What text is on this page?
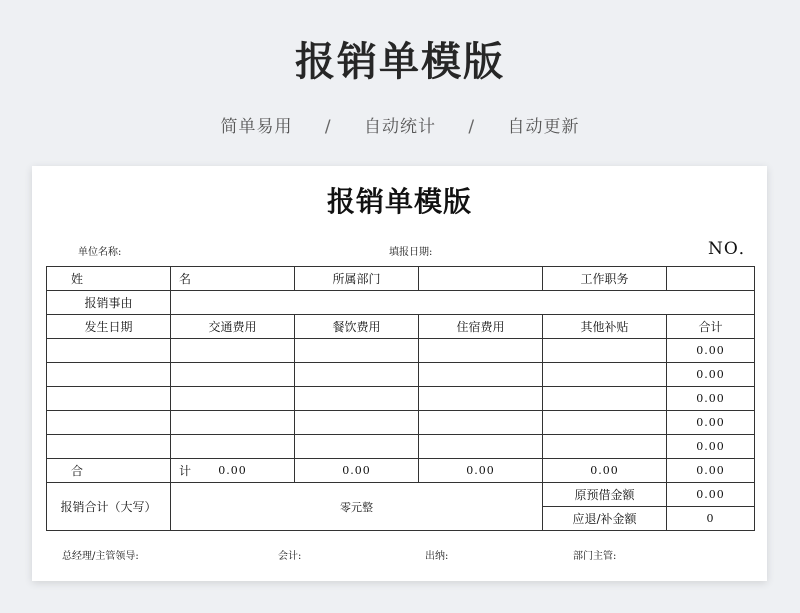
报销单模版
简单易用 / 自动统计 / 自动更新
报销单模版
单位名称:	填报日期:	NO．
姓　　名		所属部门		工作职务	
报销事由					
发生日期	交通费用	餐饮费用	住宿费用	其他补贴	合计
					0.00
					0.00
					0.00
					0.00
					0.00
合　　计	0.00	0.00	0.00	0.00	0.00
报销合计（大写）	零元整			原预借金额	0.00
				应退/补金额	0
总经理/主管领导:	会计:	出纳:	部门主管:
